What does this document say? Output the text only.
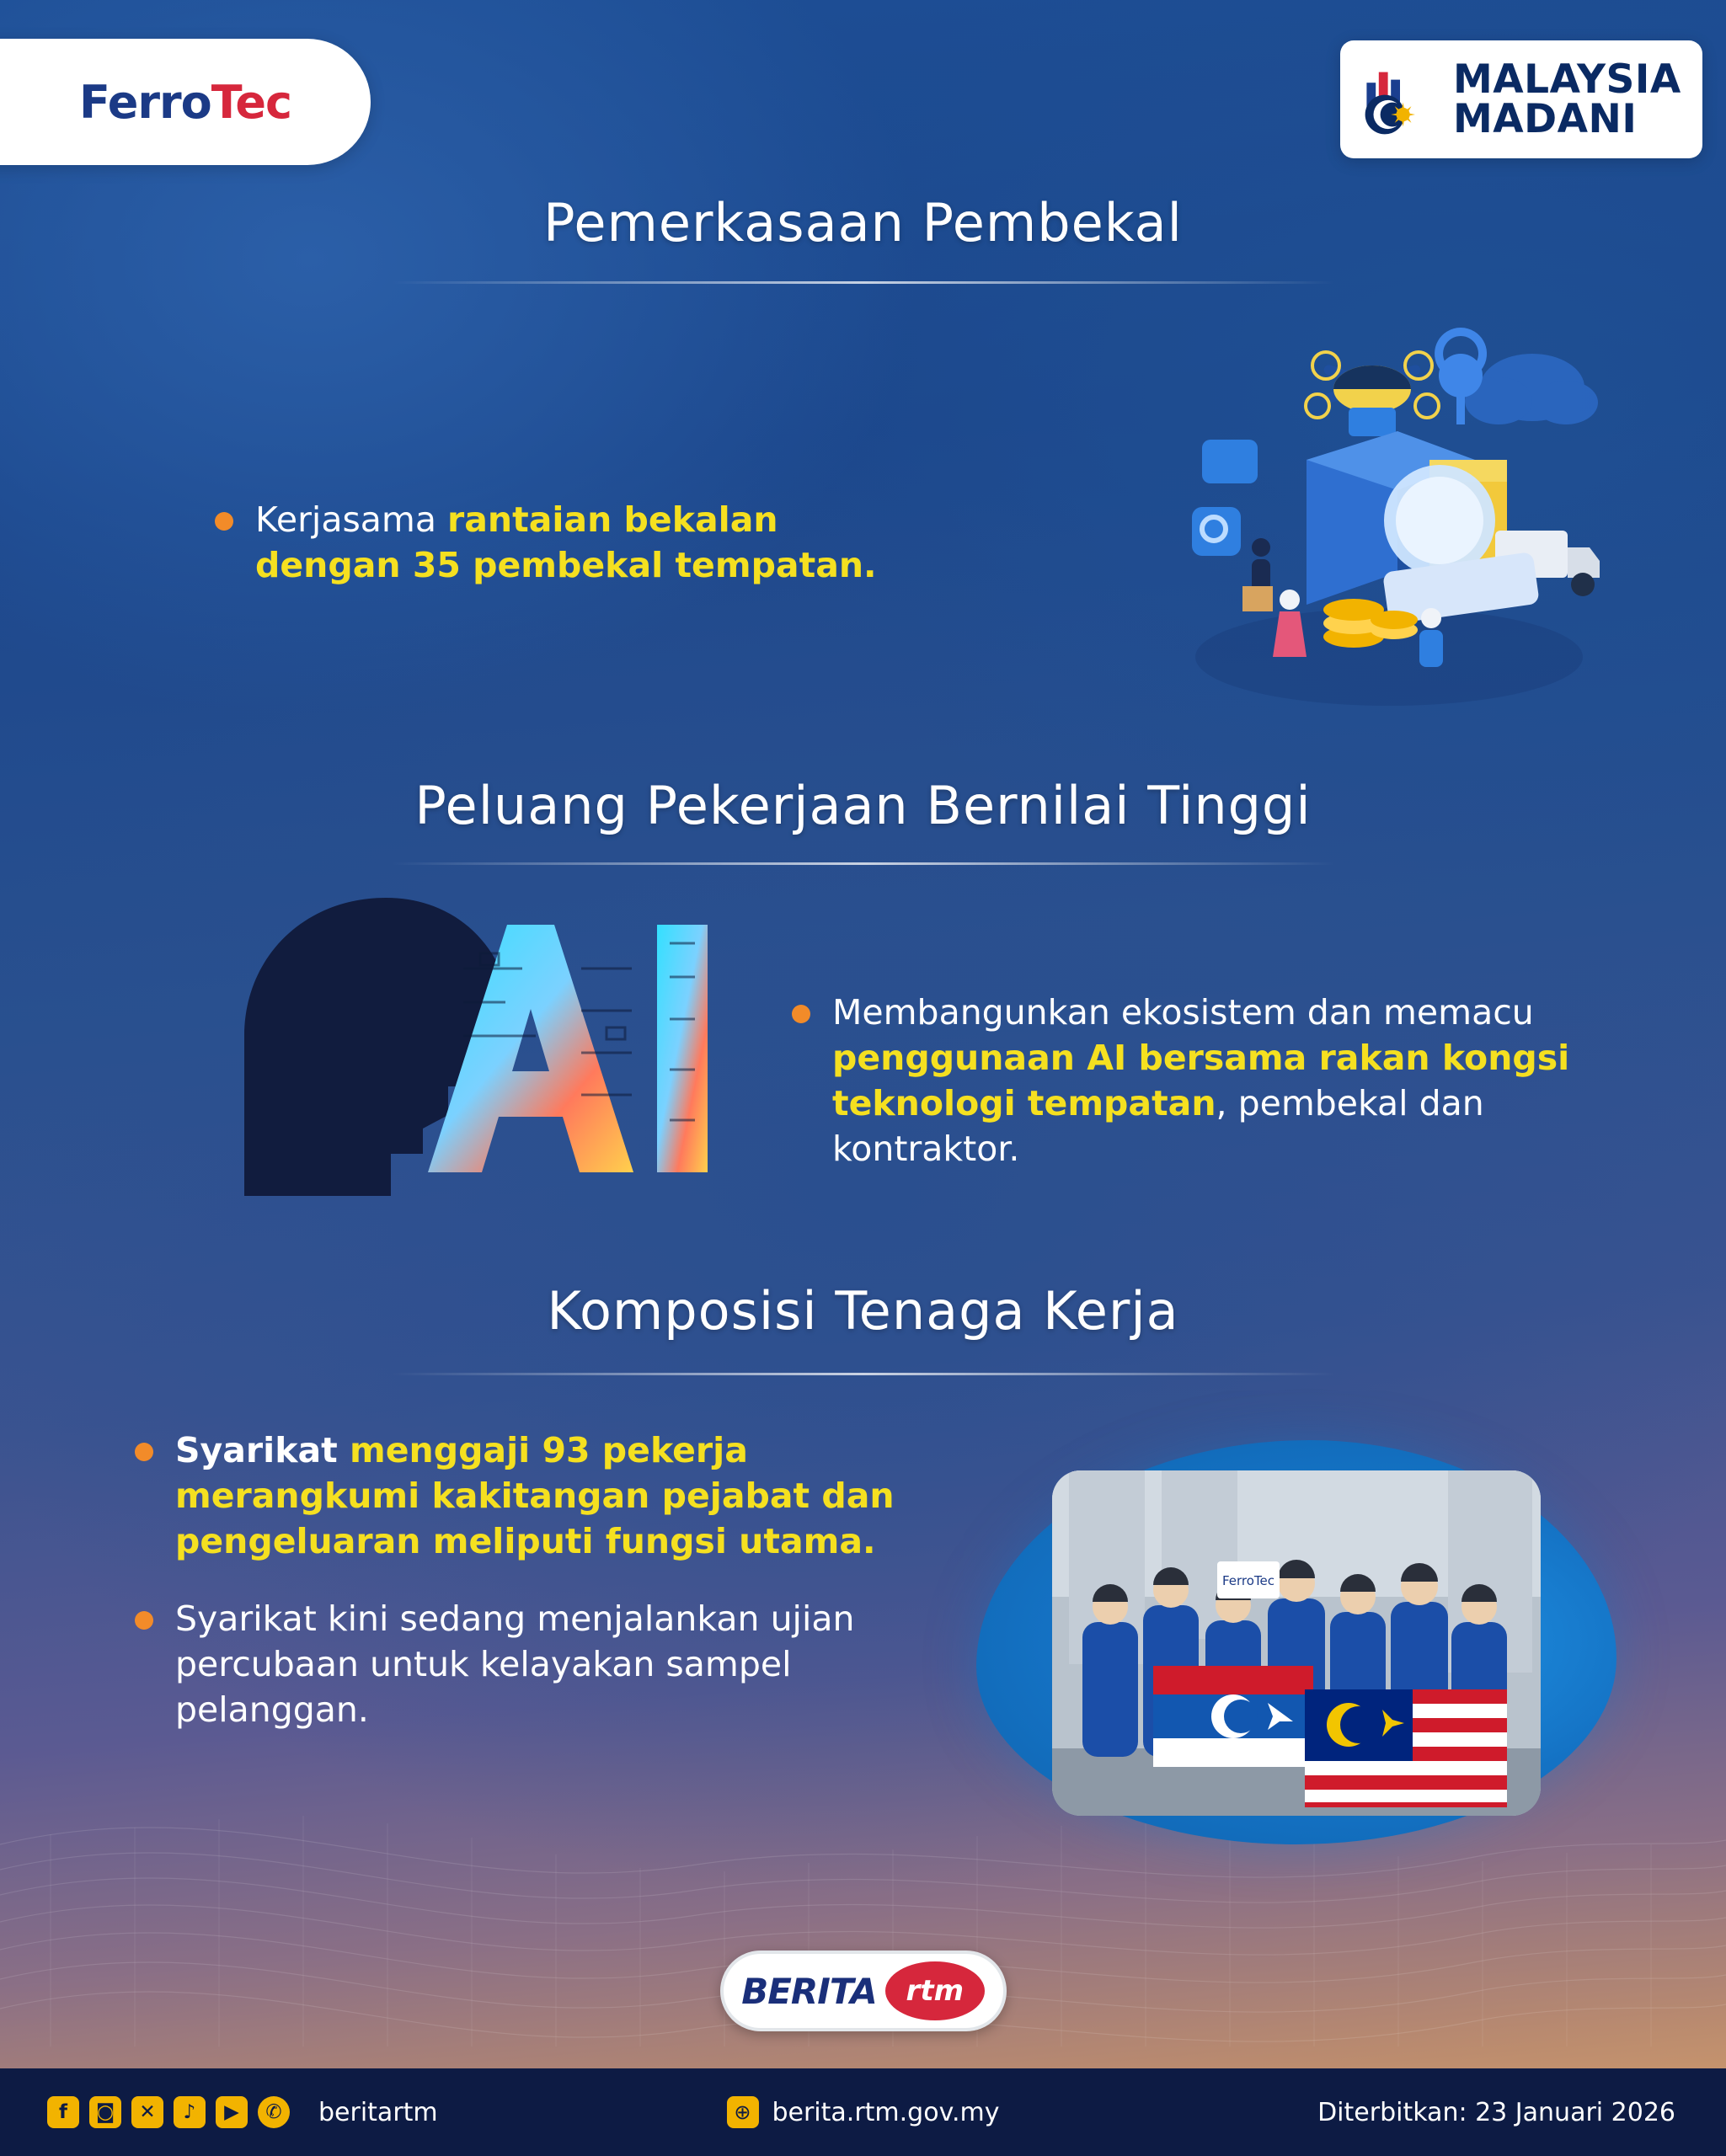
FerroTec	MALAYSIA
MADANI
Pemerkasaan Pembekal
Kerjasama rantaian bekalan dengan 35 pembekal tempatan.
Peluang Pekerjaan Bernilai Tinggi
Membangunkan ekosistem dan memacu penggunaan AI bersama rakan kongsi teknologi tempatan, pembekal dan kontraktor.
Komposisi Tenaga Kerja
Syarikat menggaji 93 pekerja merangkumi kakitangan pejabat dan pengeluaran meliputi fungsi utama.
Syarikat kini sedang menjalankan ujian percubaan untuk kelayakan sampel pelanggan.
FerroTec
BERITA	rtm
f	◙	✕	♪	▶	✆	beritartm	⊕ berita.rtm.gov.my	Diterbitkan: 23 Januari 2026
